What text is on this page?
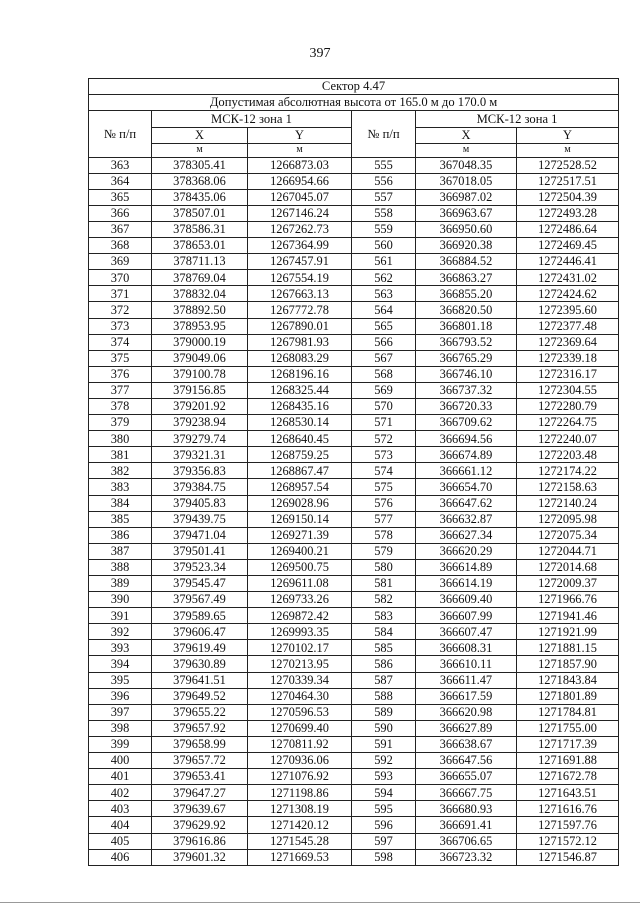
397
Сектор 4.47					
Допустимая абсолютная высота от 165.0 м до 170.0 м					
№ п/п	МСК-12 зона 1		№ п/п	МСК-12 зона 1	
	X	Y		X	Y
	м	м		м	м
363	378305.41	1266873.03	555	367048.35	1272528.52
364	378368.06	1266954.66	556	367018.05	1272517.51
365	378435.06	1267045.07	557	366987.02	1272504.39
366	378507.01	1267146.24	558	366963.67	1272493.28
367	378586.31	1267262.73	559	366950.60	1272486.64
368	378653.01	1267364.99	560	366920.38	1272469.45
369	378711.13	1267457.91	561	366884.52	1272446.41
370	378769.04	1267554.19	562	366863.27	1272431.02
371	378832.04	1267663.13	563	366855.20	1272424.62
372	378892.50	1267772.78	564	366820.50	1272395.60
373	378953.95	1267890.01	565	366801.18	1272377.48
374	379000.19	1267981.93	566	366793.52	1272369.64
375	379049.06	1268083.29	567	366765.29	1272339.18
376	379100.78	1268196.16	568	366746.10	1272316.17
377	379156.85	1268325.44	569	366737.32	1272304.55
378	379201.92	1268435.16	570	366720.33	1272280.79
379	379238.94	1268530.14	571	366709.62	1272264.75
380	379279.74	1268640.45	572	366694.56	1272240.07
381	379321.31	1268759.25	573	366674.89	1272203.48
382	379356.83	1268867.47	574	366661.12	1272174.22
383	379384.75	1268957.54	575	366654.70	1272158.63
384	379405.83	1269028.96	576	366647.62	1272140.24
385	379439.75	1269150.14	577	366632.87	1272095.98
386	379471.04	1269271.39	578	366627.34	1272075.34
387	379501.41	1269400.21	579	366620.29	1272044.71
388	379523.34	1269500.75	580	366614.89	1272014.68
389	379545.47	1269611.08	581	366614.19	1272009.37
390	379567.49	1269733.26	582	366609.40	1271966.76
391	379589.65	1269872.42	583	366607.99	1271941.46
392	379606.47	1269993.35	584	366607.47	1271921.99
393	379619.49	1270102.17	585	366608.31	1271881.15
394	379630.89	1270213.95	586	366610.11	1271857.90
395	379641.51	1270339.34	587	366611.47	1271843.84
396	379649.52	1270464.30	588	366617.59	1271801.89
397	379655.22	1270596.53	589	366620.98	1271784.81
398	379657.92	1270699.40	590	366627.89	1271755.00
399	379658.99	1270811.92	591	366638.67	1271717.39
400	379657.72	1270936.06	592	366647.56	1271691.88
401	379653.41	1271076.92	593	366655.07	1271672.78
402	379647.27	1271198.86	594	366667.75	1271643.51
403	379639.67	1271308.19	595	366680.93	1271616.76
404	379629.92	1271420.12	596	366691.41	1271597.76
405	379616.86	1271545.28	597	366706.65	1271572.12
406	379601.32	1271669.53	598	366723.32	1271546.87
